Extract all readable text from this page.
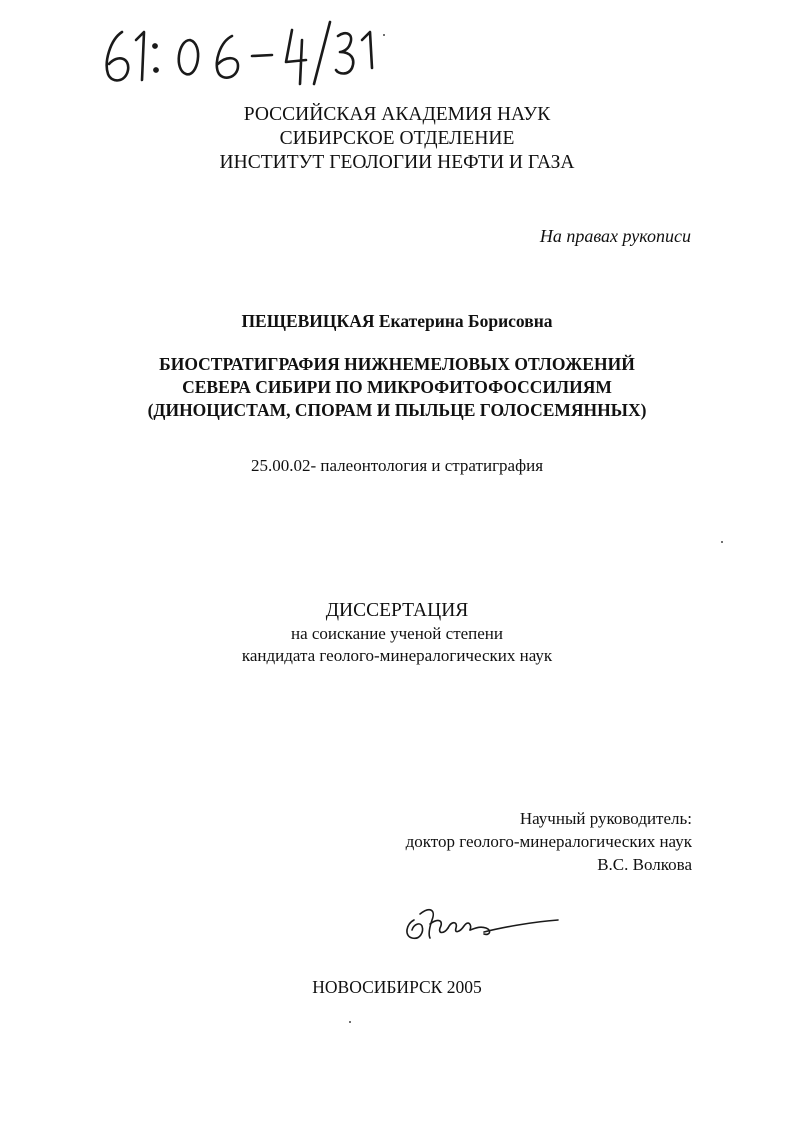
РОССИЙСКАЯ АКАДЕМИЯ НАУК
СИБИРСКОЕ ОТДЕЛЕНИЕ
ИНСТИТУТ ГЕОЛОГИИ НЕФТИ И ГАЗА
На правах рукописи
ПЕЩЕВИЦКАЯ Екатерина Борисовна
БИОСТРАТИГРАФИЯ НИЖНЕМЕЛОВЫХ ОТЛОЖЕНИЙ
СЕВЕРА СИБИРИ ПО МИКРОФИТОФОССИЛИЯМ
(ДИНОЦИСТАМ, СПОРАМ И ПЫЛЬЦЕ ГОЛОСЕМЯННЫХ)
25.00.02- палеонтология и стратиграфия
ДИССЕРТАЦИЯ
на соискание ученой степени
кандидата геолого-минералогических наук
Научный руководитель:
доктор геолого-минералогических наук
В.С. Волкова
НОВОСИБИРСК 2005
